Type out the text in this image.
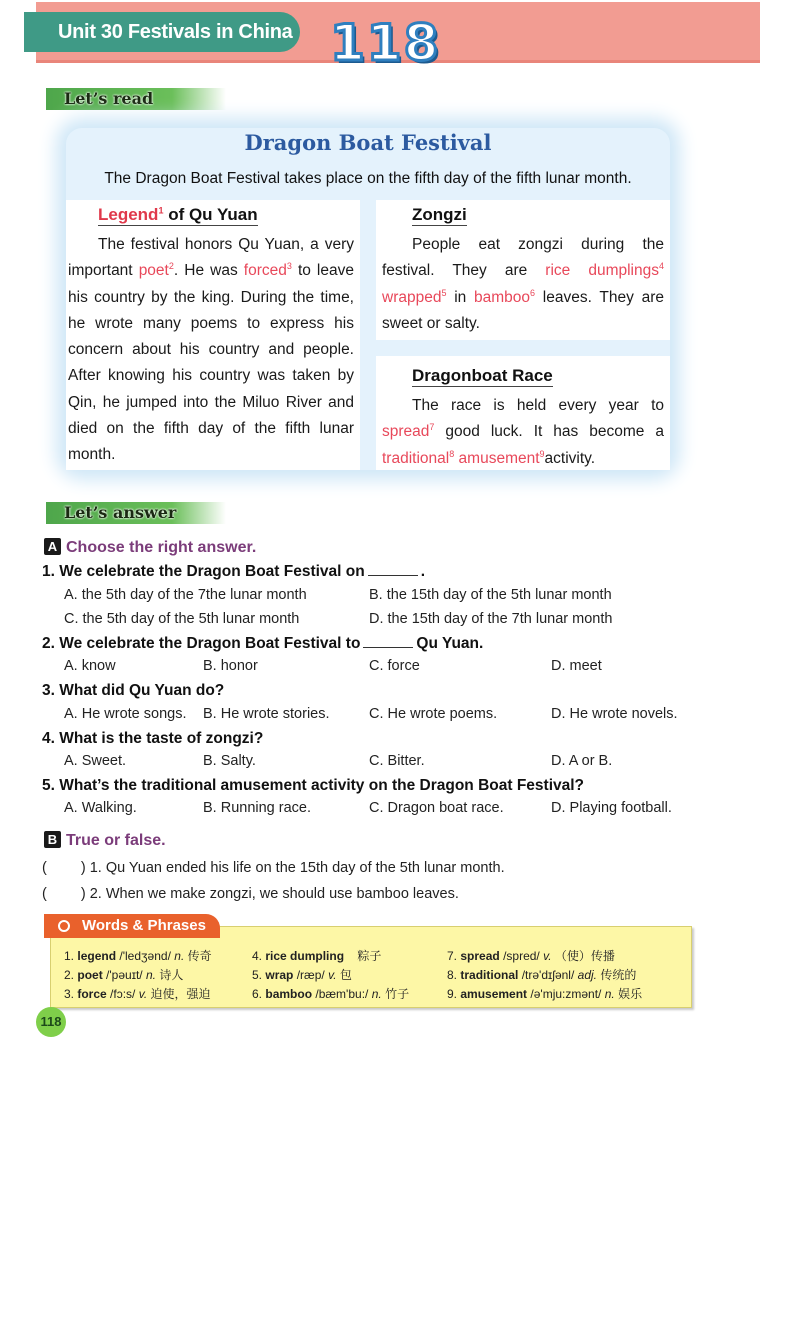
Unit 30 Festivals in China 118
Let’s read
Dragon Boat Festival
The Dragon Boat Festival takes place on the fifth day of the fifth lunar month.
Legend$^1$ of Qu Yuan
The festival honors Qu Yuan, a very important poet$^2$. He was forced$^3$ to leave his country by the king. During the time, he wrote many poems to express his concern about his country and people. After knowing his country was taken by Qin, he jumped into the Miluo River and died on the fifth day of the fifth lunar month.
Zongzi
People eat zongzi during the festival. They are rice dumplings$^4$ wrapped$^5$ in bamboo$^6$ leaves. They are sweet or salty.
Dragonboat Race
The race is held every year to spread$^7$ good luck. It has become a traditional$^8$ amusement$^9$activity.
Let’s answer
A Choose the right answer.
1. We celebrate the Dragon Boat Festival on	.
A. the 5th day of the 7the lunar month	B. the 15th day of the 5th lunar month
C. the 5th day of the 5th lunar month	D. the 15th day of the 7th lunar month
2. We celebrate the Dragon Boat Festival to	Qu Yuan.
A. know	B. honor	C. force	D. meet
3. What did Qu Yuan do?
A. He wrote songs. B. He wrote stories.	C. He wrote poems.	D. He wrote novels.
4. What is the taste of zongzi?
A. Sweet.	B. Salty.	C. Bitter.	D. A or B.
5. What’s the traditional amusement activity on the Dragon Boat Festival?
A. Walking.	B. Running race.	C. Dragon boat race.	D. Playing football.
B True or false.
( ) 1. Qu Yuan ended his life on the 15th day of the 5th lunar month.
( ) 2. When we make zongzi, we should use bamboo leaves.
Words & Phrases
1. legend /'ledʒənd/ n. 传奇
2. poet /'pəuɪt/ n. 诗人
3. force /fɔ:s/ v. 迫使，强迫
4. rice dumpling 粽子
5. wrap /ræp/ v. 包
6. bamboo /bæm'bu:/ n. 竹子
7. spread /spred/ v. （使）传播
8. traditional /trə'dɪʃənl/ adj. 传统的
9. amusement /ə'mju:zmənt/ n. 娱乐
118
